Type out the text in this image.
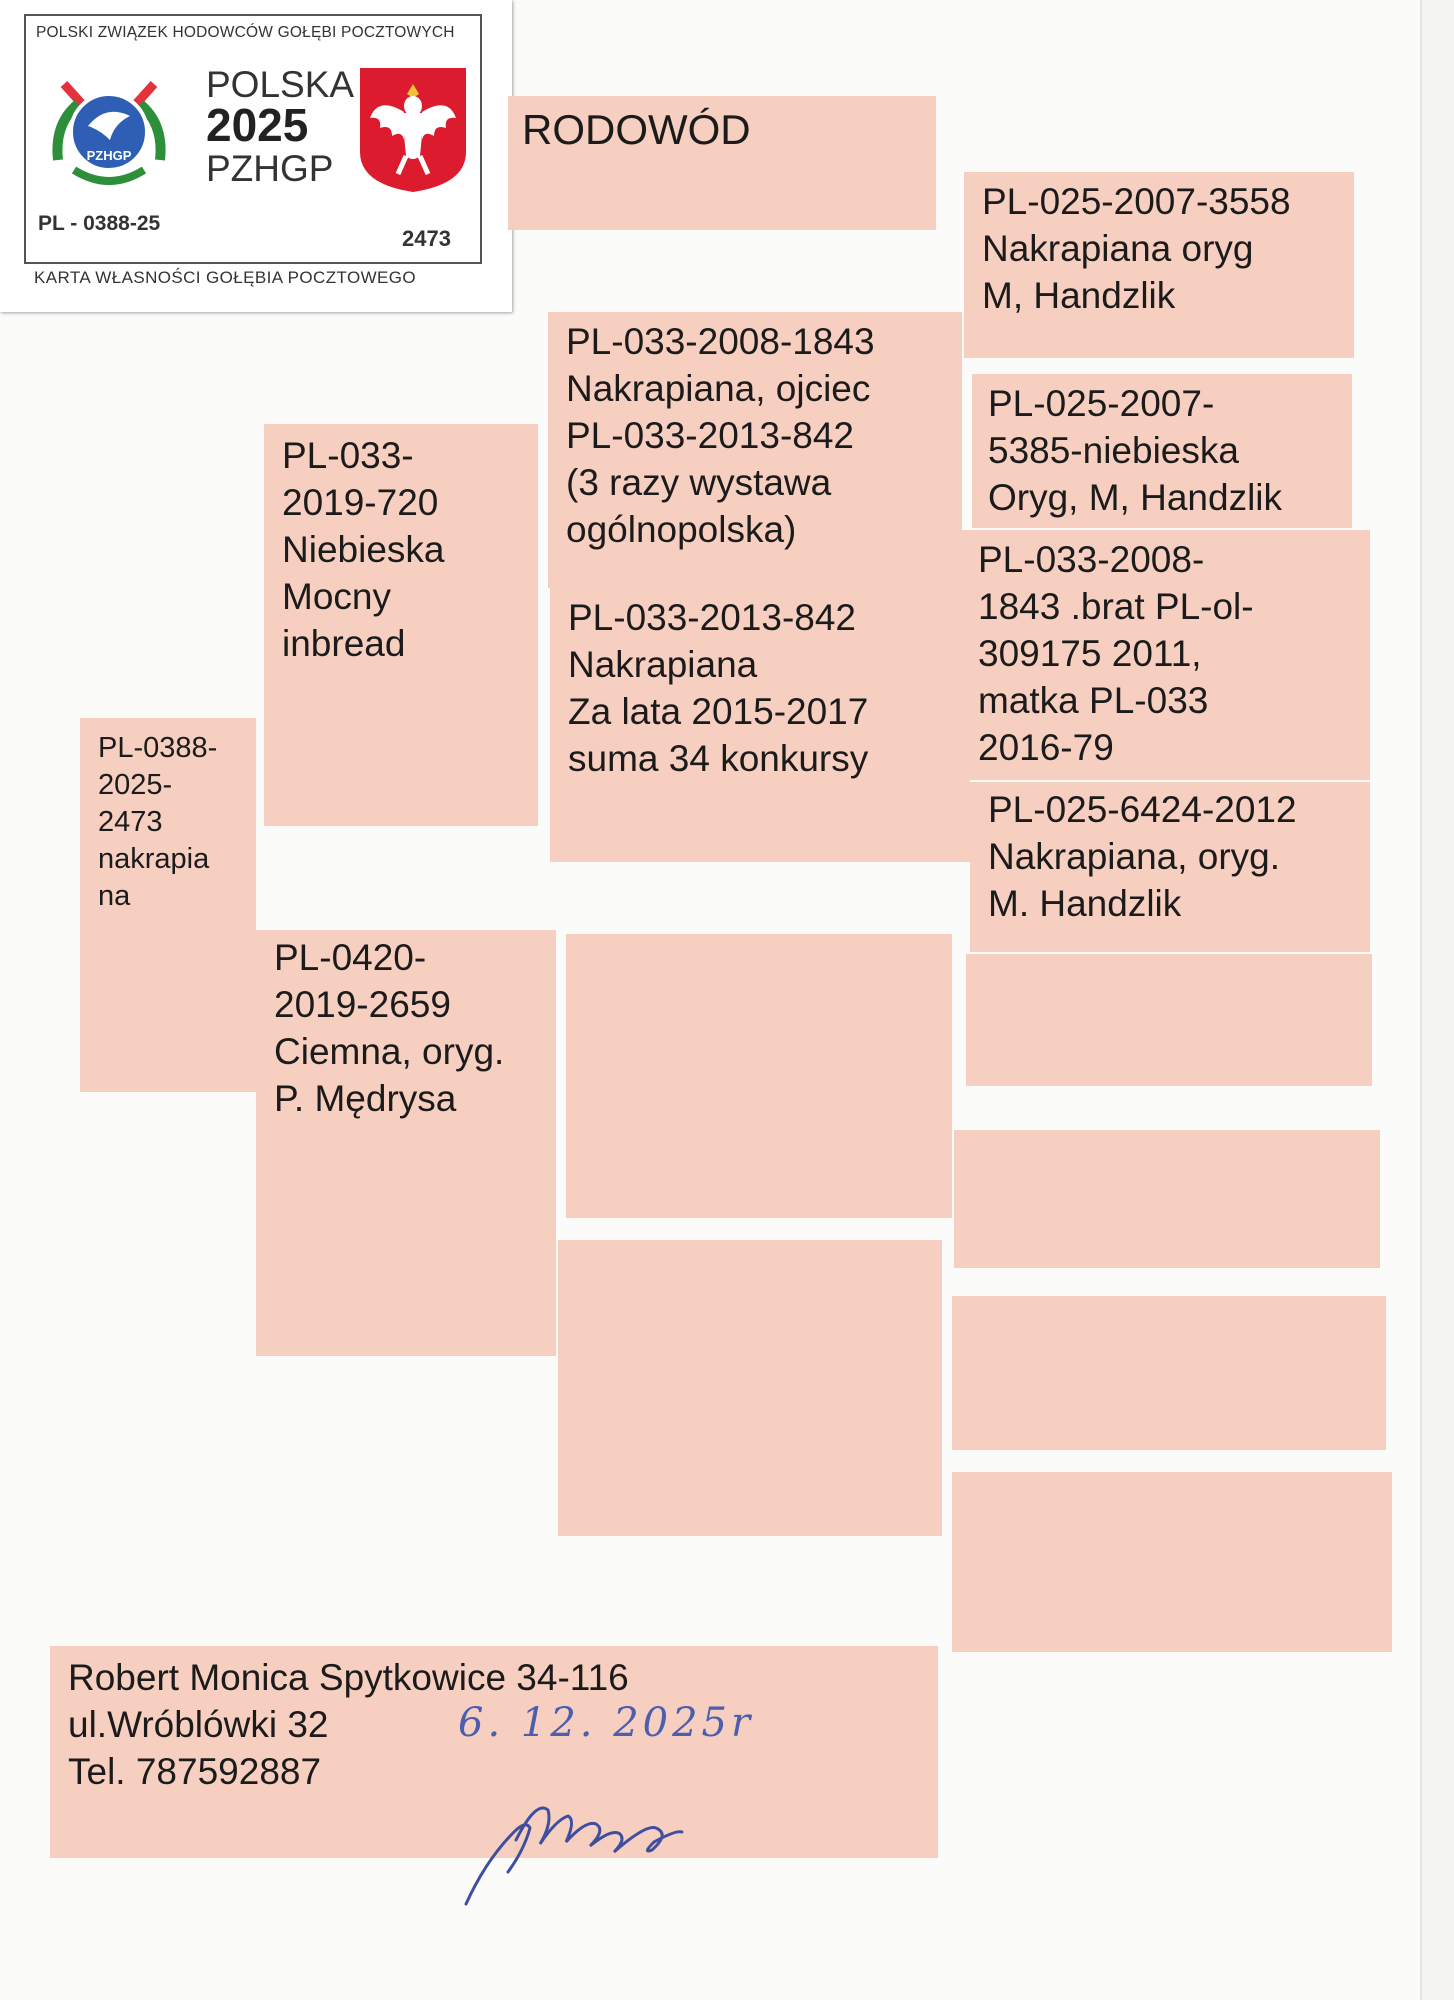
POLSKI ZWIĄZEK HODOWCÓW GOŁĘBI POCZTOWYCH
PZHGP
POLSKA
2025
PZHGP
PL - 0388-25
2473
KARTA WŁASNOŚCI GOŁĘBIA POCZTOWEGO
RODOWÓD
PL-0388-
2025-
2473
nakrapia
na
PL-033-
2019-720
Niebieska
Mocny
inbread
PL-0420-
2019-2659
Ciemna, oryg.
P. Mędrysa
PL-033-2008-1843
Nakrapiana, ojciec
PL-033-2013-842
(3 razy wystawa
ogólnopolska)
PL-033-2013-842
Nakrapiana
Za lata 2015-2017
suma 34 konkursy
PL-025-2007-3558
Nakrapiana oryg
M, Handzlik
PL-025-2007-
5385-niebieska
Oryg, M, Handzlik
PL-033-2008-
1843 .brat PL-ol-
309175 2011,
matka PL-033
2016-79
PL-025-6424-2012
Nakrapiana, oryg.
M. Handzlik
Robert Monica Spytkowice 34-116
ul.Wróblówki 32
Tel. 787592887
6. 12. 2025r
